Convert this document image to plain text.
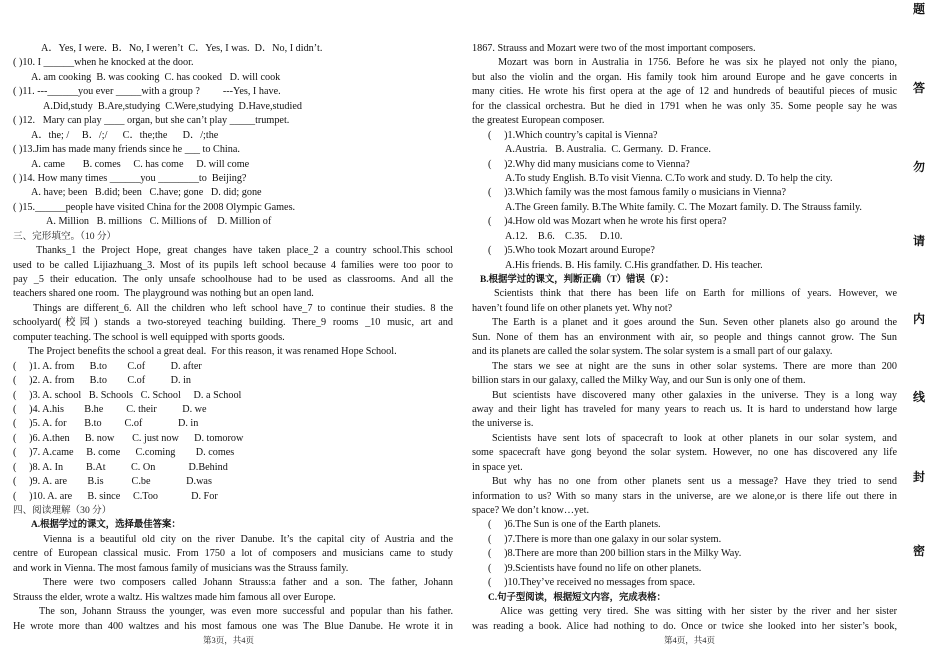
A．Yes, I were.  B．No, I weren’t  C．Yes, I was.  D．No, I didn’t.
( )10. I ______when he knocked at the door.
A. am cooking  B. was cooking  C. has cooked   D. will cook
( )11. ---______you ever _____with a group ?         ---Yes, I have.
A.Did,study  B.Are,studying  C.Were,studying  D.Have,studied
( )12.   Mary can play ____ organ, but she can’t play _____trumpet.
A．the; /     B．/;/      C．the;the      D．/;the
( )13.Jim has made many friends since he ___ to China.
A. came       B. comes     C. has come     D. will come
( )14. How many times ______you ________to  Beijing?
A. have; been   B.did; been   C.have; gone   D. did; gone
( )15.______people have visited China for the 2008 Olympic Games.
A. Million   B. millions   C. Millions of    D. Million of
三、完形填空。（10 分）
Thanks_1 the Project Hope, great changes have taken place_2 a country school.This school
used to be called Lijiazhuang_3. Most of its pupils left school because 4 families were too poor to
pay _5 their education. The only unsafe schoolhouse had to be used as classrooms. And all the
teachers shared one room.  The playground was nothing but an open land.
Things are different_6. All the children who left school have_7 to continue their studies. 8 the
schoolyard(校园) stands a two-storeyed teaching building. There_9 rooms _10 music, art and
computer teaching. The school is well equipped with sports goods.
The Project benefits the school a great deal.  For this reason, it was renamed Hope School.
(     )1. A. from      B.to        C.of          D. after
(     )2. A. from      B.to        C.of          D. in
(     )3. A. school   B. Schools   C. School     D. a School
(     )4. A.his        B.he         C. their          D. we
(     )5. A. for       B.to         C.of              D. in
(     )6. A.then      B. now       C. just now      D. tomorow
(     )7. A.came     B. come      C.coming        D. comes
(     )8. A. In         B.At          C. On             D.Behind
(     )9. A. are        B.is           C.be              D.was
(     )10. A. are      B. since     C.Too             D. For
四、阅读理解（30 分）
A.根据学过的课文，选择最佳答案：
Vienna is a beautiful old city on the river Danube. It’s the capital city of Austria and the
centre of European classical music. From 1750 a lot of composers and musicians came to study
and work in Vienna. The most famous family of musicians was the Strauss family.
There were two composers called Johann Strauss:a father and a son. The father, Johann
Strauss the elder, wrote a waltz. His waltzes made him famous all over Europe.
The son, Johann Strauss the younger, was even more successful and popular than his father.
He wrote more than 400 waltzes and his most famous one was The Blue Danube. He wrote it in
1867. Strauss and Mozart were two of the most important composers.
Mozart was born in Australia in 1756. Before he was six he played not only the piano,
but also the violin and the organ. His family took him around Europe and he gave concerts in
many cities. He wrote his first opera at the age of 12 and hundreds of beautiful pieces of music
for the classical orchestra. But he died in 1791 when he was only 35. Some people say he was
the greatest European composer.
(     )1.Which country’s capital is Vienna?
A.Austria.   B. Australia.  C. Germany.  D. France.
(     )2.Why did many musicians come to Vienna?
A.To study English. B.To visit Vienna. C.To work and study. D. To help the city.
(     )3.Which family was the most famous family o musicians in Vienna?
A.The Green family. B.The White family. C. The Mozart family. D. The Strauss family.
(     )4.How old was Mozart when he wrote his first opera?
A.12.    B.6.    C.35.     D.10.
(     )5.Who took Mozart around Europe?
A.His friends. B. His family. C.His grandfather. D. His teacher.
B.根据学过的课文，判断正确（T）错误（F）：
Scientists think that there has been life on Earth for millions of years. However, we
haven’t found life on other planets yet. Why not?
The Earth is a planet and it goes around the Sun. Seven other planets also go around the
Sun. None of them has an environment with air, so people and things cannot grow. The Sun
and its planets are called the solar system. The solar system is a small part of our galaxy.
The stars we see at night are the suns in other solar systems. There are more than 200
billion stars in our galaxy, called the Milky Way, and our Sun is only one of them.
But scientists have discovered many other galaxies in the universe. They is a long way
away and their light has traveled for many years to reach us. It is hard to understand how large
the universe is.
Scientists have sent lots of spacecraft to look at other planets in our solar system, and
some spacecraft have gong beyond the solar system. However, no one has discovered any life
in space yet.
But why has no one from other planets sent us a message? Have they tried to send
information to us? With so many stars in the universe, are we alone,or is there life out there in
space? We don’t know…yet.
(     )6.The Sun is one of the Earth planets.
(     )7.There is more than one galaxy in our solar system.
(     )8.There are more than 200 billion stars in the Milky Way.
(     )9.Scientists have found no life on other planets.
(     )10.They’ve received no messages from space.
C.句子型阅读，根据短文内容，完成表格：
Alice was getting very tired. She was sitting with her sister by the river and her sister
was reading a book. Alice had nothing to do. Once or twice she looked into her sister’s book,
第3页，共4页	第4页，共4页
题
答
勿
请
内
线
封
密
